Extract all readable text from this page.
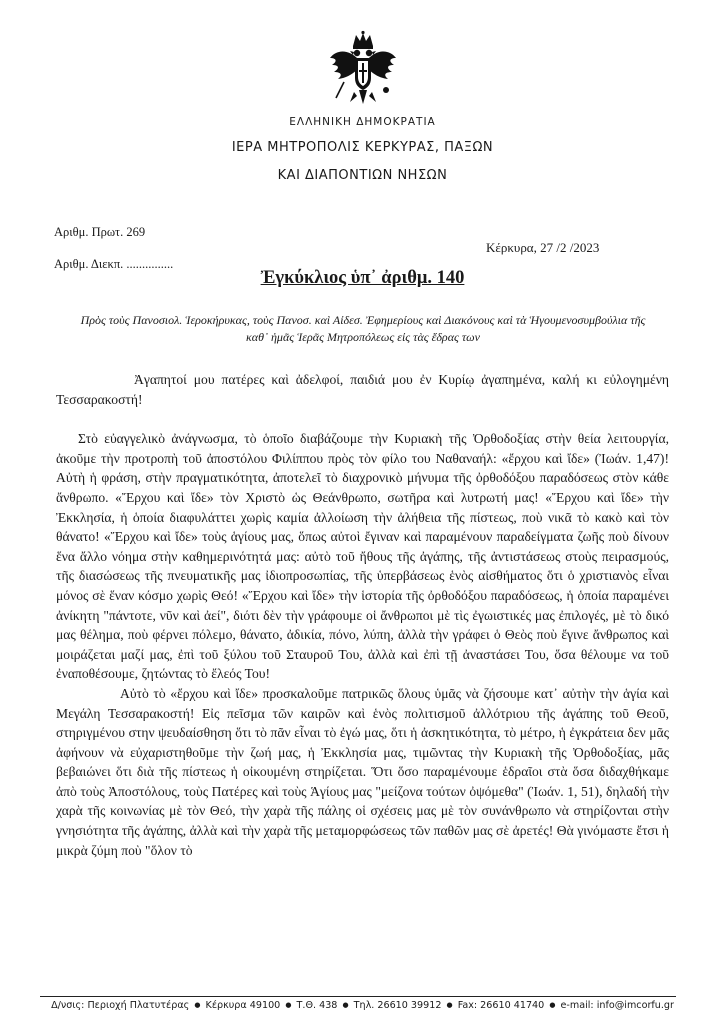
ΕΛΛΗΝΙΚΗ ΔΗΜΟΚΡΑΤΙΑ
ΙΕΡΑ ΜΗΤΡΟΠΟΛΙΣ ΚΕΡΚΥΡΑΣ, ΠΑΞΩΝ
ΚΑΙ ΔΙΑΠΟΝΤΙΩΝ ΝΗΣΩΝ
Αριθμ. Πρωτ. 269
Κέρκυρα, 27 /2 /2023
Αριθμ. Διεκπ. ...............
Ἐγκύκλιος ὑπ᾽ ἀριθμ. 140
Πρὸς τοὺς Πανοσιολ. Ἱεροκήρυκας, τοὺς Πανοσ. καὶ Αἰδεσ. Ἐφημερίους καὶ Διακόνους καὶ τὰ Ἡγουμενοσυμβούλια τῆς καθ᾽ ἡμᾶς Ἱερᾶς Μητροπόλεως εἰς τὰς ἕδρας των

Ἀγαπητοί μου πατέρες καὶ ἀδελφοί, παιδιά μου ἐν Κυρίῳ ἀγαπημένα, καλή κι εὐλογημένη Τεσσαρακοστή!

Στὸ εὐαγγελικὸ ἀνάγνωσμα, τὸ ὁποῖο διαβάζουμε τὴν Κυριακὴ τῆς Ὀρθοδοξίας στὴν θεία λειτουργία, ἀκοῦμε τὴν προτροπὴ τοῦ ἀποστόλου Φιλίππου πρὸς τὸν φίλο του Ναθαναήλ: «ἔρχου καὶ ἴδε» (Ἰωάν. 1,47)! Αὐτὴ ἡ φράση, στὴν πραγματικότητα, ἀποτελεῖ τὸ διαχρονικὸ μήνυμα τῆς ὀρθοδόξου παραδόσεως στὸν κάθε ἄνθρωπο. «Ἔρχου καὶ ἴδε» τὸν Χριστὸ ὡς Θεάνθρωπο, σωτῆρα καὶ λυτρωτή μας! «Ἔρχου καὶ ἴδε» τὴν Ἐκκλησία, ἡ ὁποία διαφυλάττει χωρὶς καμία ἀλλοίωση τὴν ἀλήθεια τῆς πίστεως, ποὺ νικᾶ τὸ κακὸ καὶ τὸν θάνατο! «Ἔρχου καὶ ἴδε» τοὺς ἁγίους μας, ὅπως αὐτοὶ ἔγιναν καὶ παραμένουν παραδείγματα ζωῆς ποὺ δίνουν ἕνα ἄλλο νόημα στὴν καθημερινότητά μας: αὐτὸ τοῦ ἤθους τῆς ἀγάπης, τῆς ἀντιστάσεως στοὺς πειρασμούς, τῆς διασώσεως τῆς πνευματικῆς μας ἰδιοπροσωπίας, τῆς ὑπερβάσεως ἑνὸς αἰσθήματος ὅτι ὁ χριστιανὸς εἶναι μόνος σὲ ἕναν κόσμο χωρὶς Θεό! «Ἔρχου καὶ ἴδε» τὴν ἱστορία τῆς ὀρθοδόξου παραδόσεως, ἡ ὁποία παραμένει ἀνίκητη "πάντοτε, νῦν καὶ ἀεί", διότι δὲν τὴν γράφουμε οἱ ἄνθρωποι μὲ τὶς ἐγωιστικές μας ἐπιλογές, μὲ τὸ δικό μας θέλημα, ποὺ φέρνει πόλεμο, θάνατο, ἀδικία, πόνο, λύπη, ἀλλὰ τὴν γράφει ὁ Θεὸς ποὺ ἔγινε ἄνθρωπος καὶ μοιράζεται μαζί μας, ἐπὶ τοῦ ξύλου τοῦ Σταυροῦ Του, ἀλλὰ καὶ ἐπὶ τῇ ἀναστάσει Του, ὅσα θέλουμε να τοῦ ἐναποθέσουμε, ζητώντας τὸ ἔλεός Του!

Αὐτὸ τὸ «ἔρχου καὶ ἴδε» προσκαλοῦμε πατρικῶς ὅλους ὑμᾶς νὰ ζήσουμε κατ᾽ αὐτὴν τὴν ἁγία καὶ Μεγάλη Τεσσαρακοστή! Εἰς πεῖσμα τῶν καιρῶν καὶ ἑνὸς πολιτισμοῦ ἀλλότριου τῆς ἀγάπης τοῦ Θεοῦ, στηριγμένου στην ψευδαίσθηση ὅτι τὸ πᾶν εἶναι τὸ ἐγώ μας, ὅτι ἡ ἀσκητικότητα, τὸ μέτρο, ἡ ἐγκράτεια δεν μᾶς ἀφήνουν νὰ εὐχαριστηθοῦμε τὴν ζωή μας, ἡ Ἐκκλησία μας, τιμῶντας τὴν Κυριακὴ τῆς Ὀρθοδοξίας, μᾶς βεβαιώνει ὅτι διὰ τῆς πίστεως ἡ οἰκουμένη στηρίζεται. Ὅτι ὅσο παραμένουμε ἑδραῖοι στὰ ὅσα διδαχθήκαμε ἀπὸ τοὺς Ἀποστόλους, τοὺς Πατέρες καὶ τοὺς Ἁγίους μας "μείζονα τούτων ὀψόμεθα" (Ἰωάν. 1, 51), δηλαδή τὴν χαρὰ τῆς κοινωνίας μὲ τὸν Θεό, τὴν χαρὰ τῆς πάλης οἱ σχέσεις μας μὲ τὸν συνάνθρωπο νὰ στηρίζονται στὴν γνησιότητα τῆς ἀγάπης, ἀλλὰ καὶ τὴν χαρὰ τῆς μεταμορφώσεως τῶν παθῶν μας σὲ ἀρετές! Θὰ γινόμαστε ἔτσι ἡ μικρὰ ζύμη ποὺ "ὅλον τὸ

Δ/νσις: Περιοχή Πλατυτέρας ● Κέρκυρα 49100 ● Τ.Θ. 438 ● Τηλ. 26610 39912 ● Fax: 26610 41740 ● e-mail: info@imcorfu.gr
